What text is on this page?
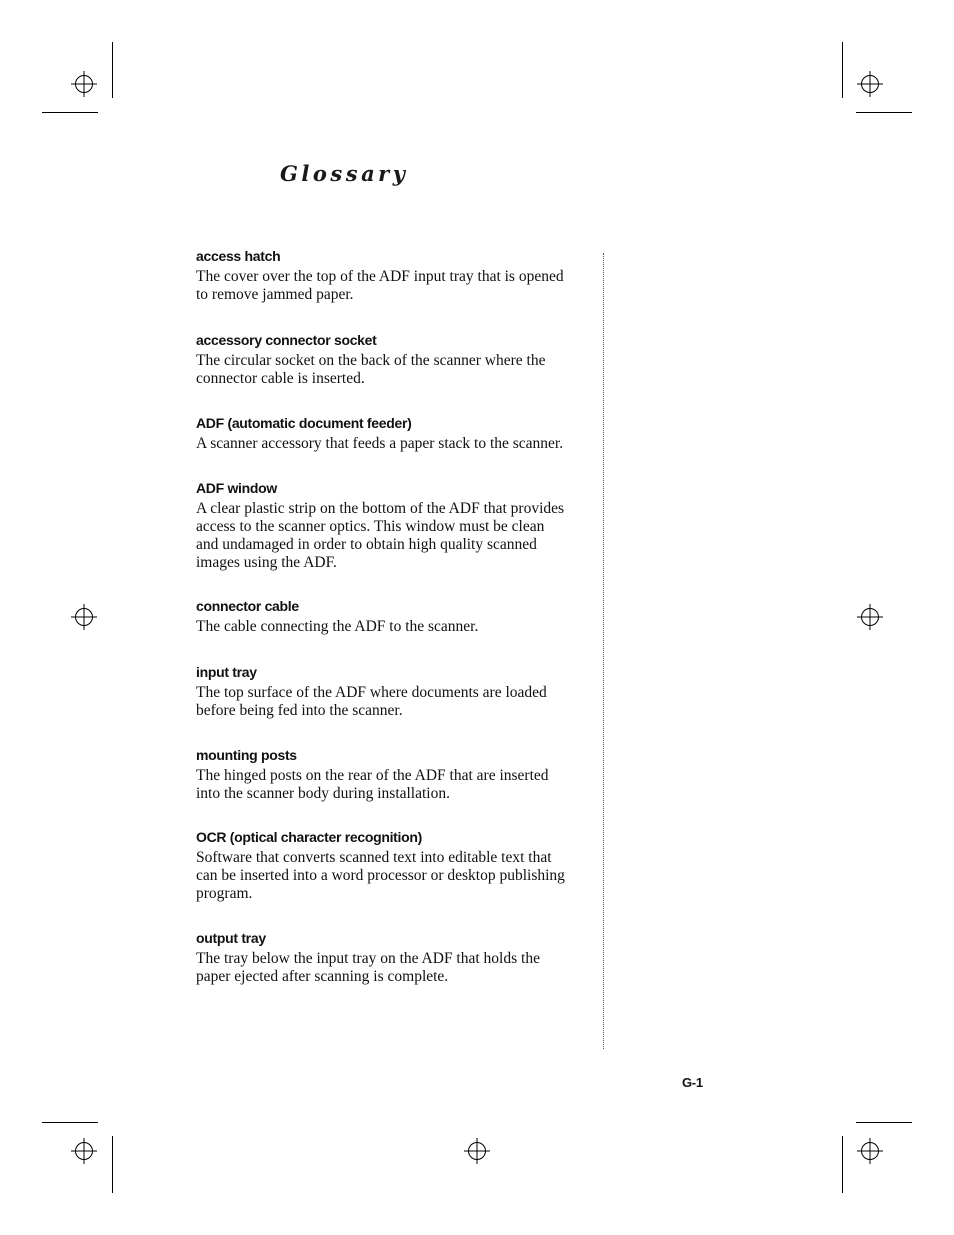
Glossary
access hatch
The cover over the top of the ADF input tray that is opened to remove jammed paper.
accessory connector socket
The circular socket on the back of the scanner where the connector cable is inserted.
ADF (automatic document feeder)
A scanner accessory that feeds a paper stack to the scanner.
ADF window
A clear plastic strip on the bottom of the ADF that provides access to the scanner optics. This window must be clean and undamaged in order to obtain high quality scanned images using the ADF.
connector cable
The cable connecting the ADF to the scanner.
input tray
The top surface of the ADF where documents are loaded before being fed into the scanner.
mounting posts
The hinged posts on the rear of the ADF that are inserted into the scanner body during installation.
OCR (optical character recognition)
Software that converts scanned text into editable text that can be inserted into a word processor or desktop publishing program.
output tray
The tray below the input tray on the ADF that holds the paper ejected after scanning is complete.
G-1
